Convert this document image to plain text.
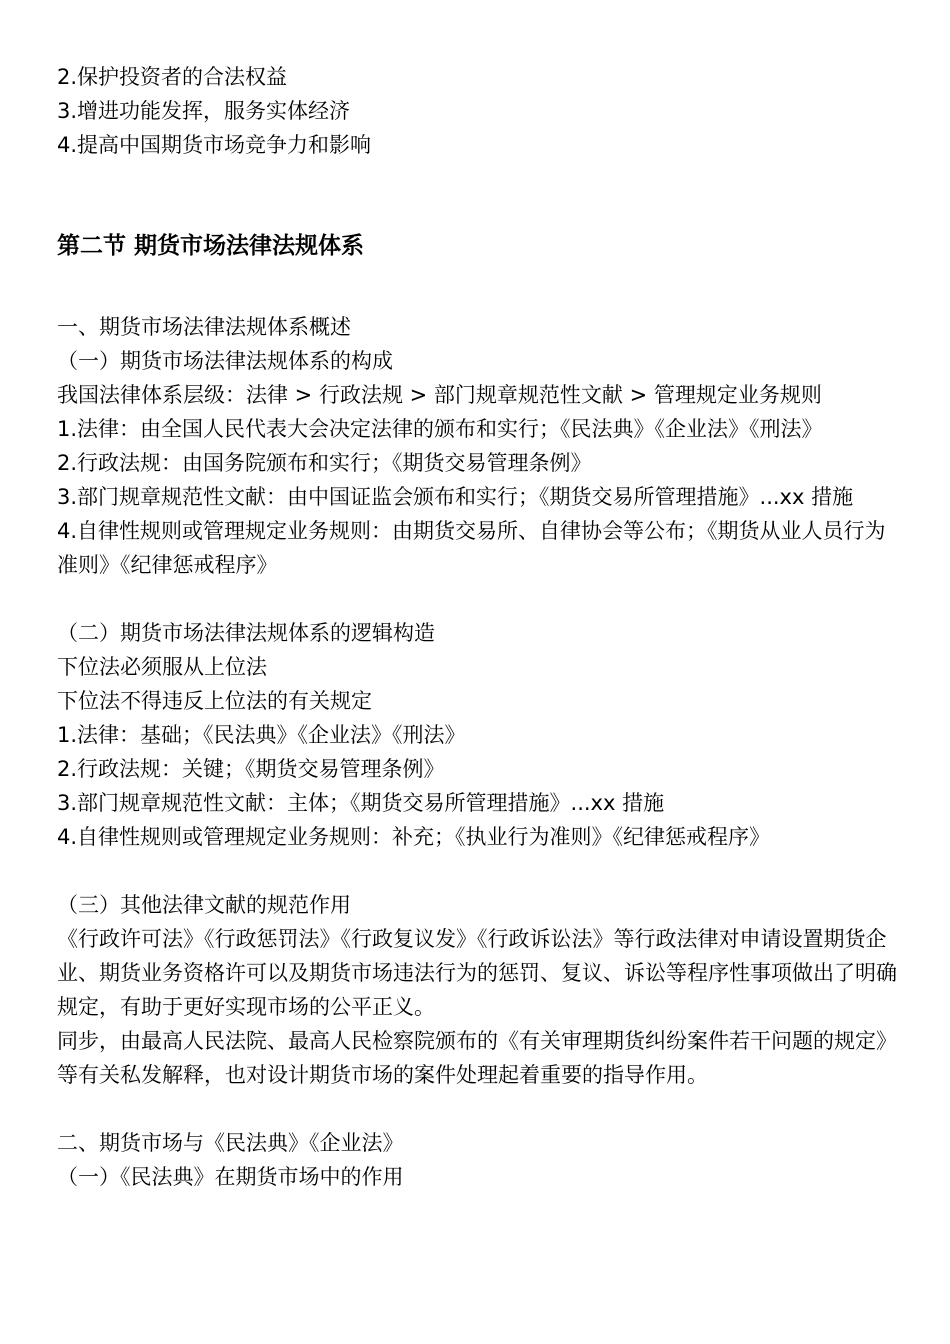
2.保护投资者的合法权益
3.增进功能发挥，服务实体经济
4.提高中国期货市场竞争力和影响
第二节 期货市场法律法规体系
一、期货市场法律法规体系概述
（一）期货市场法律法规体系的构成
我国法律体系层级：法律 > 行政法规 > 部门规章规范性文献 > 管理规定业务规则
1.法律：由全国人民代表大会决定法律的颁布和实行；《民法典》《企业法》《刑法》
2.行政法规：由国务院颁布和实行；《期货交易管理条例》
3.部门规章规范性文献：由中国证监会颁布和实行；《期货交易所管理措施》...xx 措施
4.自律性规则或管理规定业务规则：由期货交易所、自律协会等公布；《期货从业人员行为准则》《纪律惩戒程序》
（二）期货市场法律法规体系的逻辑构造
下位法必须服从上位法
下位法不得违反上位法的有关规定
1.法律：基础；《民法典》《企业法》《刑法》
2.行政法规：关键；《期货交易管理条例》
3.部门规章规范性文献：主体；《期货交易所管理措施》...xx 措施
4.自律性规则或管理规定业务规则：补充；《执业行为准则》《纪律惩戒程序》
（三）其他法律文献的规范作用
《行政许可法》《行政惩罚法》《行政复议发》《行政诉讼法》等行政法律对申请设置期货企业、期货业务资格许可以及期货市场违法行为的惩罚、复议、诉讼等程序性事项做出了明确规定，有助于更好实现市场的公平正义。
同步，由最高人民法院、最高人民检察院颁布的《有关审理期货纠纷案件若干问题的规定》等有关私发解释，也对设计期货市场的案件处理起着重要的指导作用。
二、期货市场与《民法典》《企业法》
（一）《民法典》在期货市场中的作用
